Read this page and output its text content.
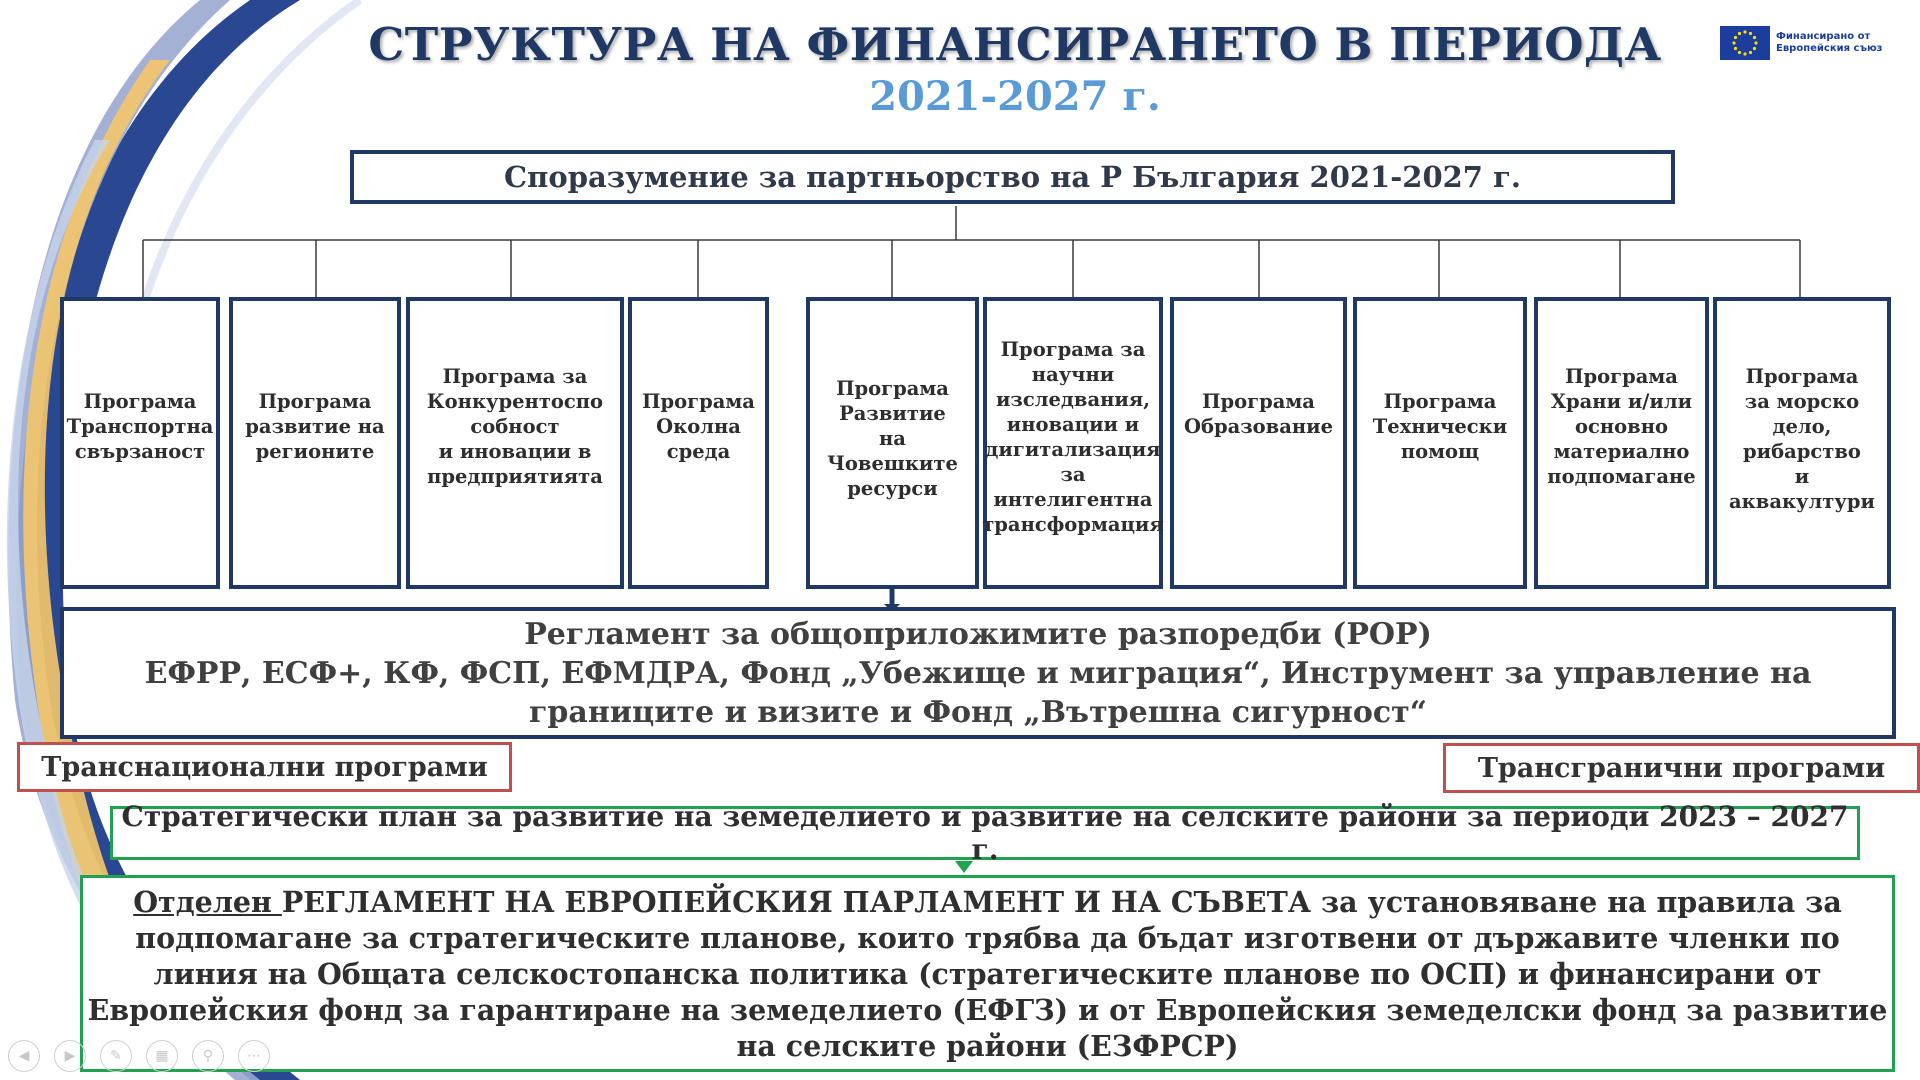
СТРУКТУРА НА ФИНАНСИРАНЕТО В ПЕРИОДА
2021-2027 г.
Финансирано от
Европейския съюз
Споразумение за партньорство на Р България 2021-2027 г.
Програма
Транспортна
свързаност
Програма
развитие на
регионите
Програма за
Конкурентоспо
собност
и иновации в
предприятията
Програма
Околна среда
Програма
Развитие
на
Човешките
ресурси
Програма за
научни
изследвания,
иновации и
дигитализация
за
интелигентна
трансформация
Програма
Образование
Програма
Технически
помощ
Програма
Храни и/или
основно
материално
подпомагане
Програма
за морско
дело,
рибарство
и
аквакултури
Регламент за общоприложимите разпоредби (РОР)
ЕФРР, ЕСФ+, КФ, ФСП, ЕФМДРА, Фонд „Убежище и миграция“, Инструмент за управление на
границите и визите и Фонд „Вътрешна сигурност“
Транснационални програми	Трансгранични програми
Стратегически план за развитие на земеделието и развитие на селските райони за периоди 2023 – 2027 г.
Отделен РЕГЛАМЕНТ НА ЕВРОПЕЙСКИЯ ПАРЛАМЕНТ И НА СЪВЕТА за установяване на правила за
подпомагане за стратегическите планове, които трябва да бъдат изготвени от държавите членки по
линия на Общата селскостопанска политика (стратегическите планове по ОСП) и финансирани от
Европейския фонд за гарантиране на земеделието (ЕФГЗ) и от Европейския земеделски фонд за развитие
на селските райони (ЕЗФРСР)
◀	▶	✎	▦	⚲	⋯
